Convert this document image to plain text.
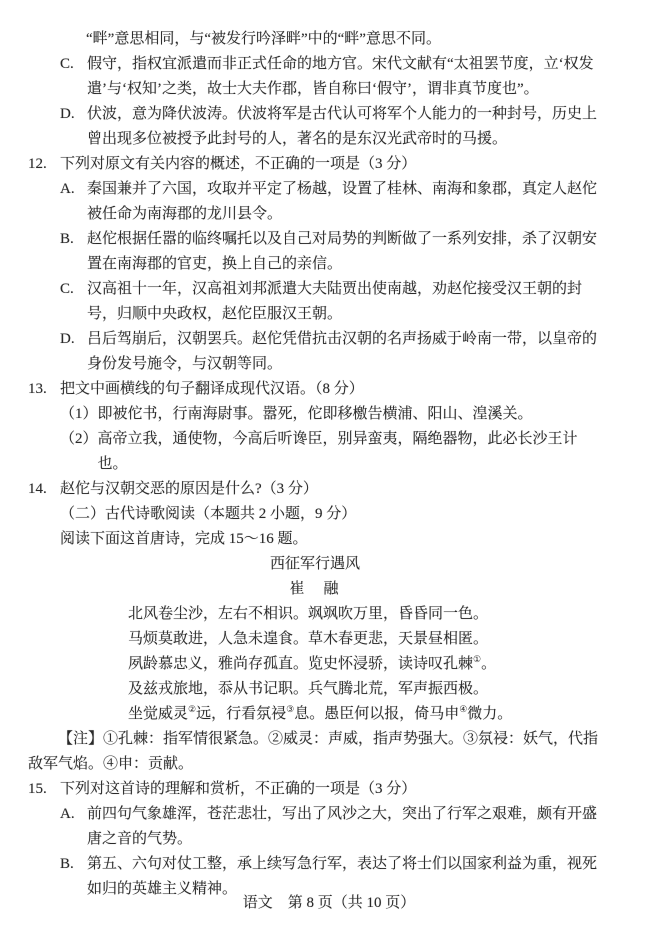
“畔”意思相同，与“被发行吟泽畔”中的“畔”意思不同。
C. 假守，指权宜派遣而非正式任命的地方官。宋代文献有“太祖罢节度，立‘权发遣’与‘权知’之类，故士大夫作郡，皆自称曰‘假守’，谓非真节度也”。
D. 伏波，意为降伏波涛。伏波将军是古代认可将军个人能力的一种封号，历史上曾出现多位被授予此封号的人，著名的是东汉光武帝时的马援。
12. 下列对原文有关内容的概述，不正确的一项是（3 分）
A. 秦国兼并了六国，攻取并平定了杨越，设置了桂林、南海和象郡，真定人赵佗被任命为南海郡的龙川县令。
B. 赵佗根据任嚣的临终嘱托以及自己对局势的判断做了一系列安排，杀了汉朝安置在南海郡的官吏，换上自己的亲信。
C. 汉高祖十一年，汉高祖刘邦派遣大夫陆贾出使南越，劝赵佗接受汉王朝的封号，归顺中央政权，赵佗臣服汉王朝。
D. 吕后驾崩后，汉朝罢兵。赵佗凭借抗击汉朝的名声扬威于岭南一带，以皇帝的身份发号施令，与汉朝等同。
13. 把文中画横线的句子翻译成现代汉语。（8 分）
（1） 即被佗书，行南海尉事。嚣死，佗即移檄告横浦、阳山、湟溪关。
（2） 高帝立我，通使物，今高后听谗臣，别异蛮夷，隔绝器物，此必长沙王计也。
14. 赵佗与汉朝交恶的原因是什么?（3 分）
（二）古代诗歌阅读（本题共 2 小题，9 分）
阅读下面这首唐诗，完成 15～16 题。
西征军行遇风
崔　融
北风卷尘沙，左右不相识。飒飒吹万里，昏昏同一色。
马烦莫敢进，人急未遑食。草木春更悲，天景昼相匿。
夙龄慕忠义，雅尚存孤直。览史怀浸骄，读诗叹孔棘①。
及兹戎旅地，忝从书记职。兵气腾北荒，军声振西极。
坐觉威灵②远，行看氛祲③息。愚臣何以报，倚马申④微力。
【注】①孔棘：指军情很紧急。②威灵：声威，指声势强大。③氛祲：妖气，代指敌军气焰。④申：贡献。
15. 下列对这首诗的理解和赏析，不正确的一项是（3 分）
A. 前四句气象雄浑，苍茫悲壮，写出了风沙之大，突出了行军之艰难，颇有开盛唐之音的气势。
B. 第五、六句对仗工整，承上续写急行军，表达了将士们以国家利益为重，视死如归的英雄主义精神。
语文　第 8 页（共 10 页）
